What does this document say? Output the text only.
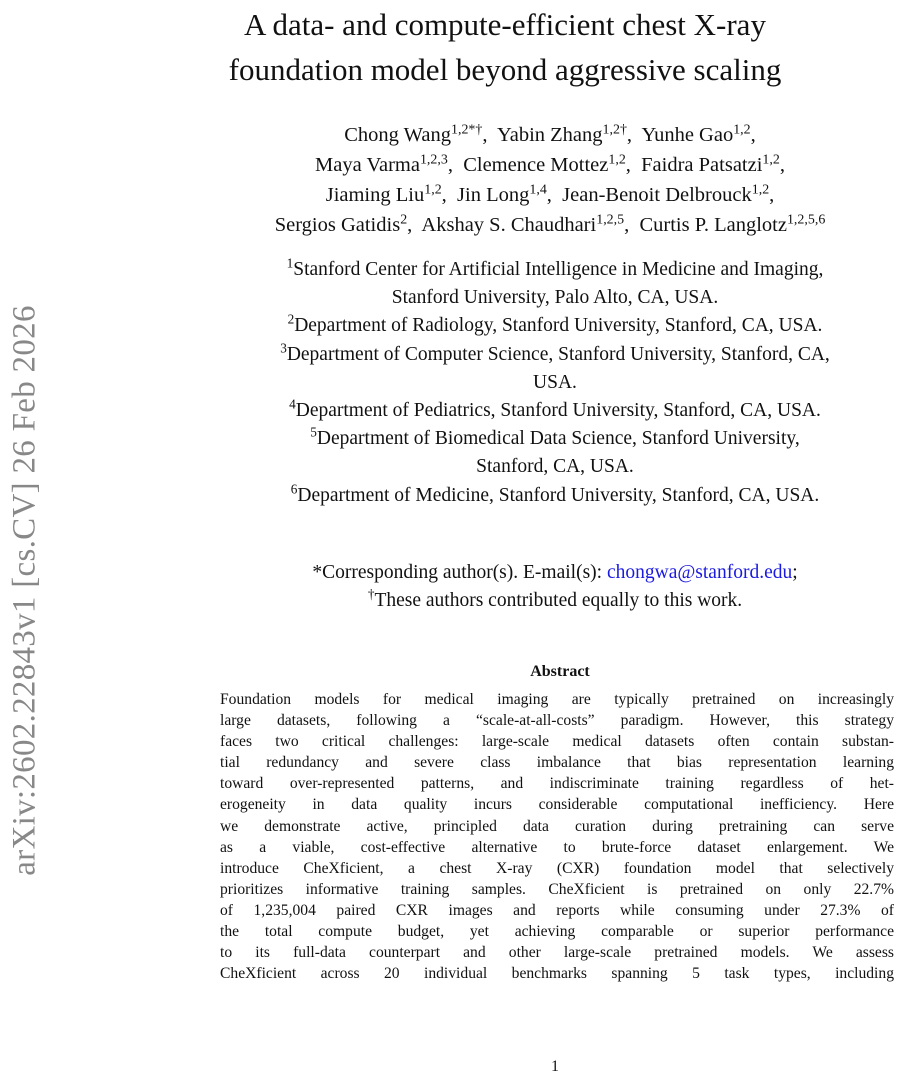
arXiv:2602.22843v1 [cs.CV] 26 Feb 2026
A data- and compute-efficient chest X-ray
foundation model beyond aggressive scaling
Chong Wang$^{1,2*\dagger}$,  Yabin Zhang$^{1,2\dagger}$,  Yunhe Gao$^{1,2}$,
Maya Varma$^{1,2,3}$,  Clemence Mottez$^{1,2}$,  Faidra Patsatzi$^{1,2}$,
Jiaming Liu$^{1,2}$,  Jin Long$^{1,4}$,  Jean-Benoit Delbrouck$^{1,2}$,
Sergios Gatidis$^2$,  Akshay S. Chaudhari$^{1,2,5}$,  Curtis P. Langlotz$^{1,2,5,6}$
$^1$Stanford Center for Artificial Intelligence in Medicine and Imaging,
Stanford University, Palo Alto, CA, USA.
$^2$Department of Radiology, Stanford University, Stanford, CA, USA.
$^3$Department of Computer Science, Stanford University, Stanford, CA,
USA.
$^4$Department of Pediatrics, Stanford University, Stanford, CA, USA.
$^5$Department of Biomedical Data Science, Stanford University,
Stanford, CA, USA.
$^6$Department of Medicine, Stanford University, Stanford, CA, USA.
*Corresponding author(s). E-mail(s): chongwa@stanford.edu;
†These authors contributed equally to this work.
Abstract
Foundation models for medical imaging are typically pretrained on increasingly
large datasets, following a “scale-at-all-costs” paradigm. However, this strategy
faces two critical challenges: large-scale medical datasets often contain substan-
tial redundancy and severe class imbalance that bias representation learning
toward over-represented patterns, and indiscriminate training regardless of het-
erogeneity in data quality incurs considerable computational inefficiency. Here
we demonstrate active, principled data curation during pretraining can serve
as a viable, cost-effective alternative to brute-force dataset enlargement. We
introduce CheXficient, a chest X-ray (CXR) foundation model that selectively
prioritizes informative training samples. CheXficient is pretrained on only 22.7%
of 1,235,004 paired CXR images and reports while consuming under 27.3% of
the total compute budget, yet achieving comparable or superior performance
to its full-data counterpart and other large-scale pretrained models. We assess
CheXficient across 20 individual benchmarks spanning 5 task types, including
1
